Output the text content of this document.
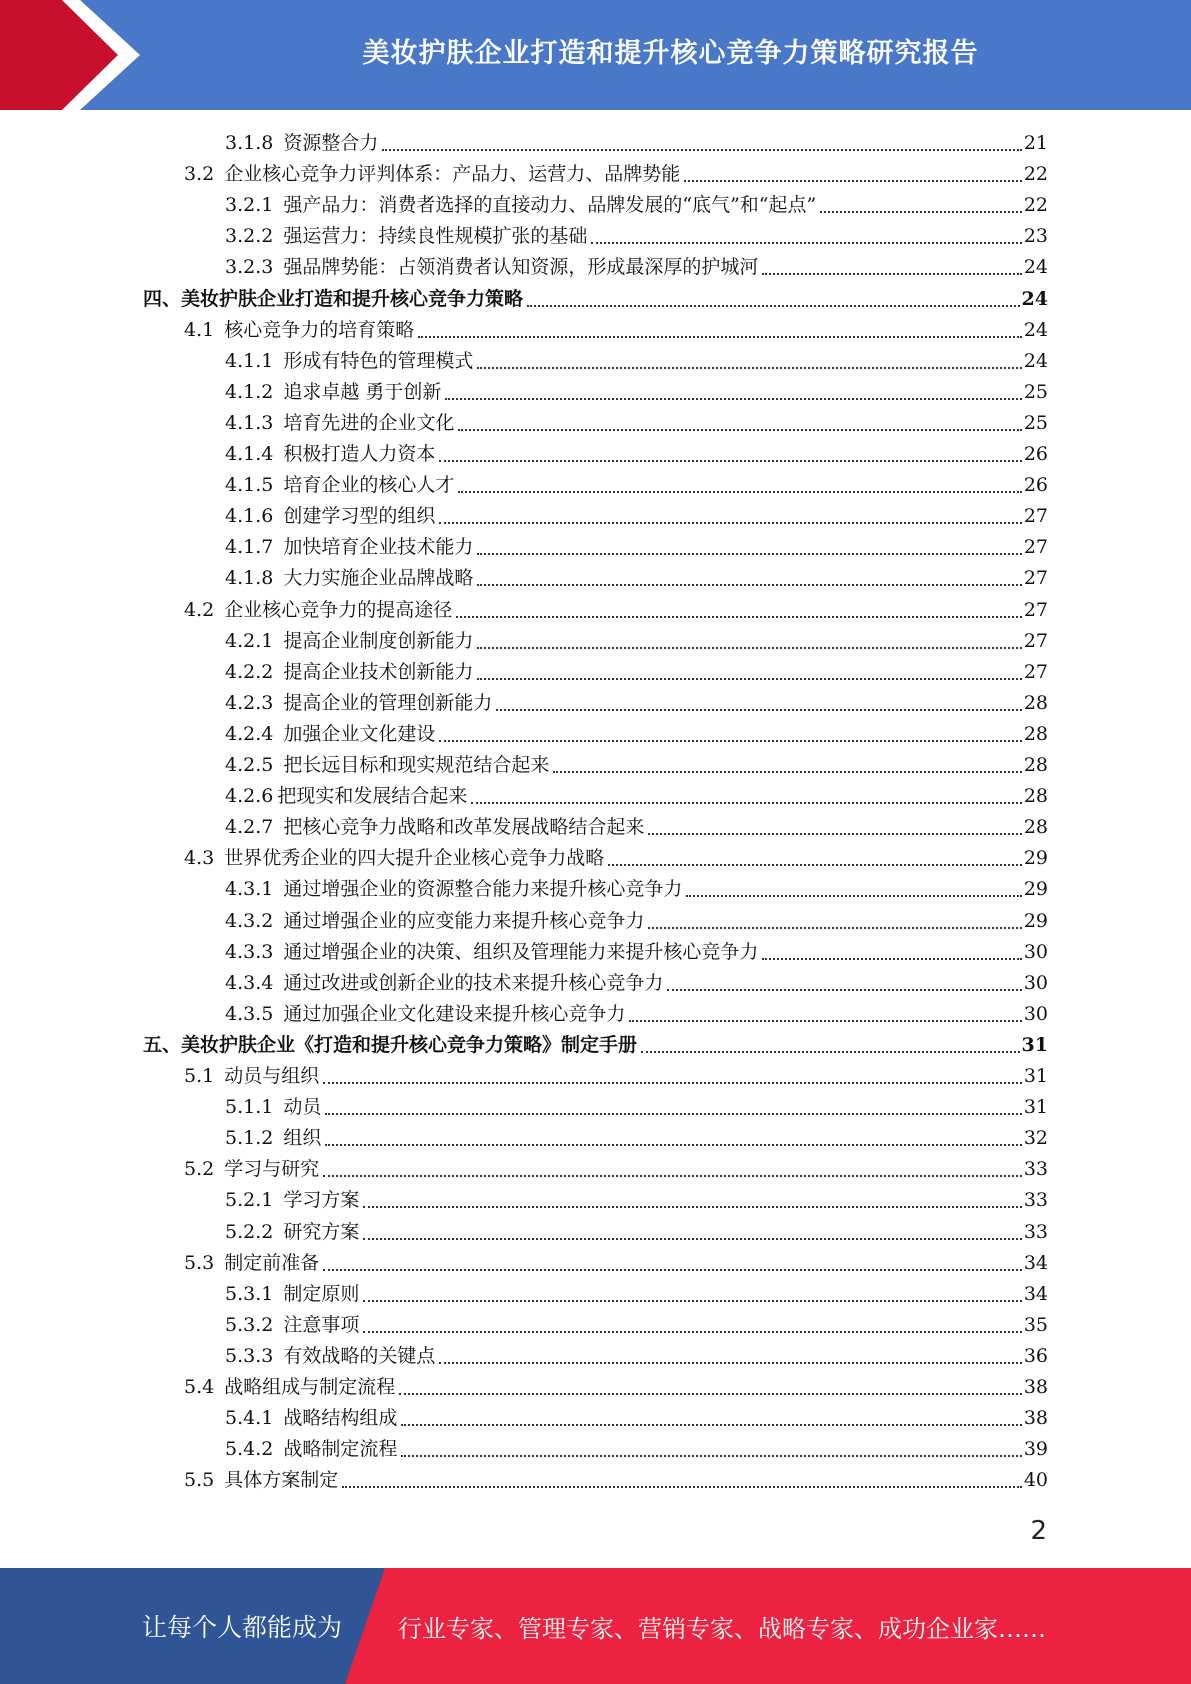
美妆护肤企业打造和提升核心竞争力策略研究报告
3.1.8 资源整合力	21
3.2 企业核心竞争力评判体系：产品力、运营力、品牌势能	22
3.2.1 强产品力：消费者选择的直接动力、品牌发展的“底气”和“起点”	22
3.2.2 强运营力：持续良性规模扩张的基础	23
3.2.3 强品牌势能：占领消费者认知资源，形成最深厚的护城河	24
四、美妆护肤企业打造和提升核心竞争力策略	24
4.1 核心竞争力的培育策略	24
4.1.1 形成有特色的管理模式	24
4.1.2 追求卓越 勇于创新	25
4.1.3 培育先进的企业文化	25
4.1.4 积极打造人力资本	26
4.1.5 培育企业的核心人才	26
4.1.6 创建学习型的组织	27
4.1.7 加快培育企业技术能力	27
4.1.8 大力实施企业品牌战略	27
4.2 企业核心竞争力的提高途径	27
4.2.1 提高企业制度创新能力	27
4.2.2 提高企业技术创新能力	27
4.2.3 提高企业的管理创新能力	28
4.2.4 加强企业文化建设	28
4.2.5 把长远目标和现实规范结合起来	28
4.2.6 把现实和发展结合起来	28
4.2.7 把核心竞争力战略和改革发展战略结合起来	28
4.3 世界优秀企业的四大提升企业核心竞争力战略	29
4.3.1 通过增强企业的资源整合能力来提升核心竞争力	29
4.3.2 通过增强企业的应变能力来提升核心竞争力	29
4.3.3 通过增强企业的决策、组织及管理能力来提升核心竞争力	30
4.3.4 通过改进或创新企业的技术来提升核心竞争力	30
4.3.5 通过加强企业文化建设来提升核心竞争力	30
五、美妆护肤企业《打造和提升核心竞争力策略》制定手册	31
5.1 动员与组织	31
5.1.1 动员	31
5.1.2 组织	32
5.2 学习与研究	33
5.2.1 学习方案	33
5.2.2 研究方案	33
5.3 制定前准备	34
5.3.1 制定原则	34
5.3.2 注意事项	35
5.3.3 有效战略的关键点	36
5.4 战略组成与制定流程	38
5.4.1 战略结构组成	38
5.4.2 战略制定流程	39
5.5 具体方案制定	40
2
让每个人都能成为 行业专家、管理专家、营销专家、战略专家、成功企业家……
